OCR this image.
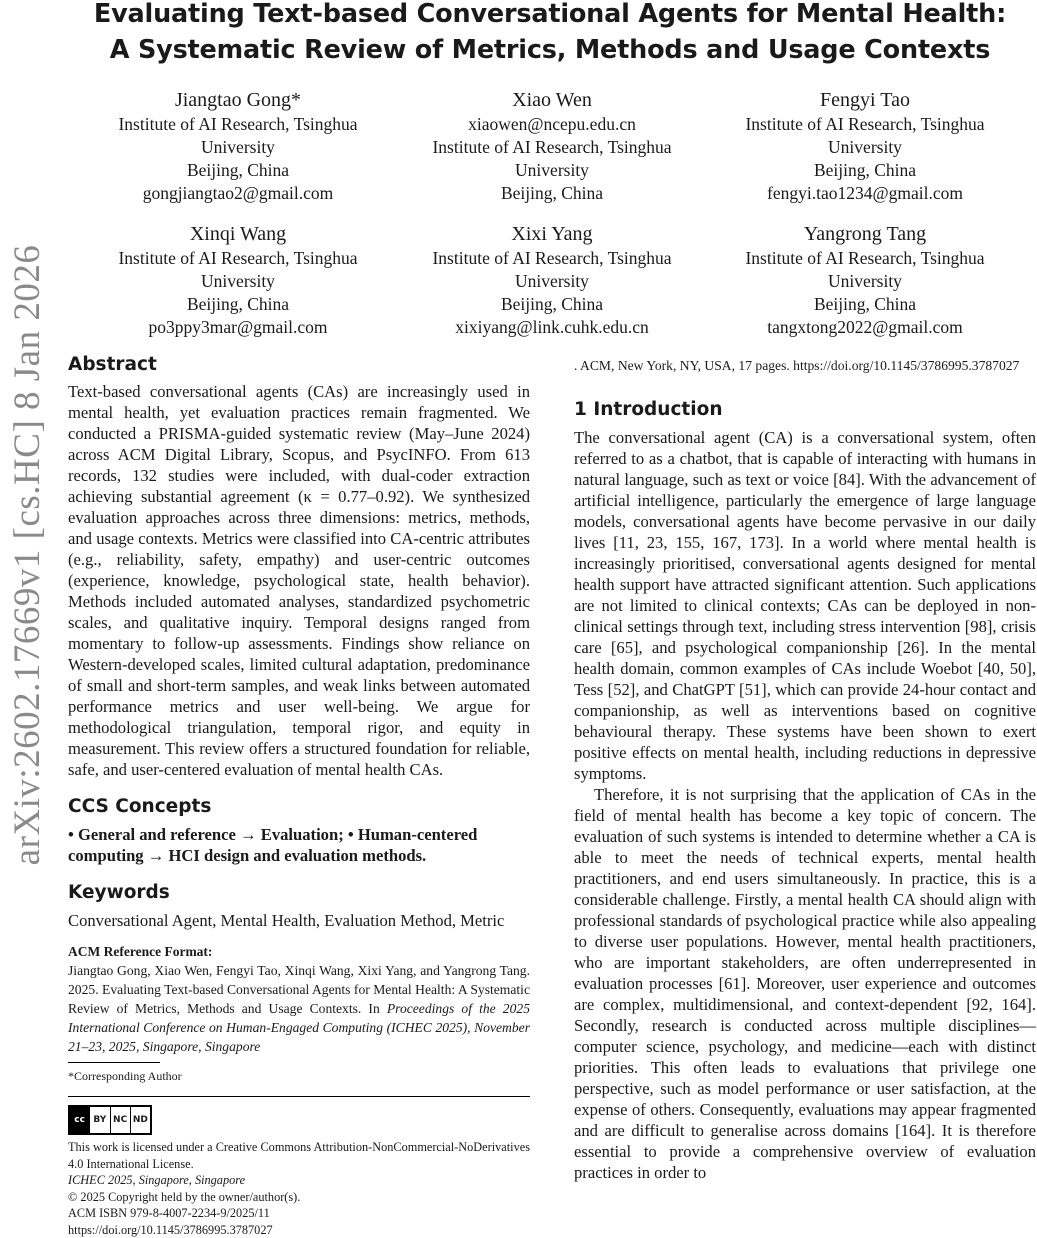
arXiv:2602.17669v1 [cs.HC] 8 Jan 2026
Evaluating Text-based Conversational Agents for Mental Health:
A Systematic Review of Metrics, Methods and Usage Contexts
Jiangtao Gong*
Institute of AI Research, Tsinghua
University
Beijing, China
gongjiangtao2@gmail.com
Xiao Wen
xiaowen@ncepu.edu.cn
Institute of AI Research, Tsinghua
University
Beijing, China
Fengyi Tao
Institute of AI Research, Tsinghua
University
Beijing, China
fengyi.tao1234@gmail.com
Xinqi Wang
Institute of AI Research, Tsinghua
University
Beijing, China
po3ppy3mar@gmail.com
Xixi Yang
Institute of AI Research, Tsinghua
University
Beijing, China
xixiyang@link.cuhk.edu.cn
Yangrong Tang
Institute of AI Research, Tsinghua
University
Beijing, China
tangxtong2022@gmail.com
Abstract

Text-based conversational agents (CAs) are increasingly used in mental health, yet evaluation practices remain fragmented. We conducted a PRISMA-guided systematic review (May–June 2024) across ACM Digital Library, Scopus, and PsycINFO. From 613 records, 132 studies were included, with dual-coder extraction achieving substantial agreement (κ = 0.77–0.92). We synthesized evaluation approaches across three dimensions: metrics, methods, and usage contexts. Metrics were classified into CA-centric attributes (e.g., reliability, safety, empathy) and user-centric outcomes (experience, knowledge, psychological state, health behavior). Methods included automated analyses, standardized psychometric scales, and qualitative inquiry. Temporal designs ranged from momentary to follow-up assessments. Findings show reliance on Western-developed scales, limited cultural adaptation, predominance of small and short-term samples, and weak links between automated performance metrics and user well-being. We argue for methodological triangulation, temporal rigor, and equity in measurement. This review offers a structured foundation for reliable, safe, and user-centered evaluation of mental health CAs.

CCS Concepts
• General and reference → Evaluation; • Human-centered computing → HCI design and evaluation methods.
Keywords

Conversational Agent, Mental Health, Evaluation Method, Metric

ACM Reference Format:
Jiangtao Gong, Xiao Wen, Fengyi Tao, Xinqi Wang, Xixi Yang, and Yangrong Tang. 2025. Evaluating Text-based Conversational Agents for Mental Health: A Systematic Review of Metrics, Methods and Usage Contexts. In Proceedings of the 2025 International Conference on Human-Engaged Computing (ICHEC 2025), November 21–23, 2025, Singapore, Singapore
*Corresponding Author
cc BY NC ND
This work is licensed under a Creative Commons Attribution-NonCommercial-NoDerivatives 4.0 International License.
ICHEC 2025, Singapore, Singapore
© 2025 Copyright held by the owner/author(s).
ACM ISBN 979-8-4007-2234-9/2025/11
https://doi.org/10.1145/3786995.3787027
. ACM, New York, NY, USA, 17 pages. https://doi.org/10.1145/3786995.3787027
1 Introduction

The conversational agent (CA) is a conversational system, often referred to as a chatbot, that is capable of interacting with humans in natural language, such as text or voice [84]. With the advancement of artificial intelligence, particularly the emergence of large language models, conversational agents have become pervasive in our daily lives [11, 23, 155, 167, 173]. In a world where mental health is increasingly prioritised, conversational agents designed for mental health support have attracted significant attention. Such applications are not limited to clinical contexts; CAs can be deployed in non-clinical settings through text, including stress intervention [98], crisis care [65], and psychological companionship [26]. In the mental health domain, common examples of CAs include Woebot [40, 50], Tess [52], and ChatGPT [51], which can provide 24-hour contact and companionship, as well as interventions based on cognitive behavioural therapy. These systems have been shown to exert positive effects on mental health, including reductions in depressive symptoms.

Therefore, it is not surprising that the application of CAs in the field of mental health has become a key topic of concern. The evaluation of such systems is intended to determine whether a CA is able to meet the needs of technical experts, mental health practitioners, and end users simultaneously. In practice, this is a considerable challenge. Firstly, a mental health CA should align with professional standards of psychological practice while also appealing to diverse user populations. However, mental health practitioners, who are important stakeholders, are often underrepresented in evaluation processes [61]. Moreover, user experience and outcomes are complex, multidimensional, and context-dependent [92, 164]. Secondly, research is conducted across multiple disciplines—computer science, psychology, and medicine—each with distinct priorities. This often leads to evaluations that privilege one perspective, such as model performance or user satisfaction, at the expense of others. Consequently, evaluations may appear fragmented and are difficult to generalise across domains [164]. It is therefore essential to provide a comprehensive overview of evaluation practices in order to
